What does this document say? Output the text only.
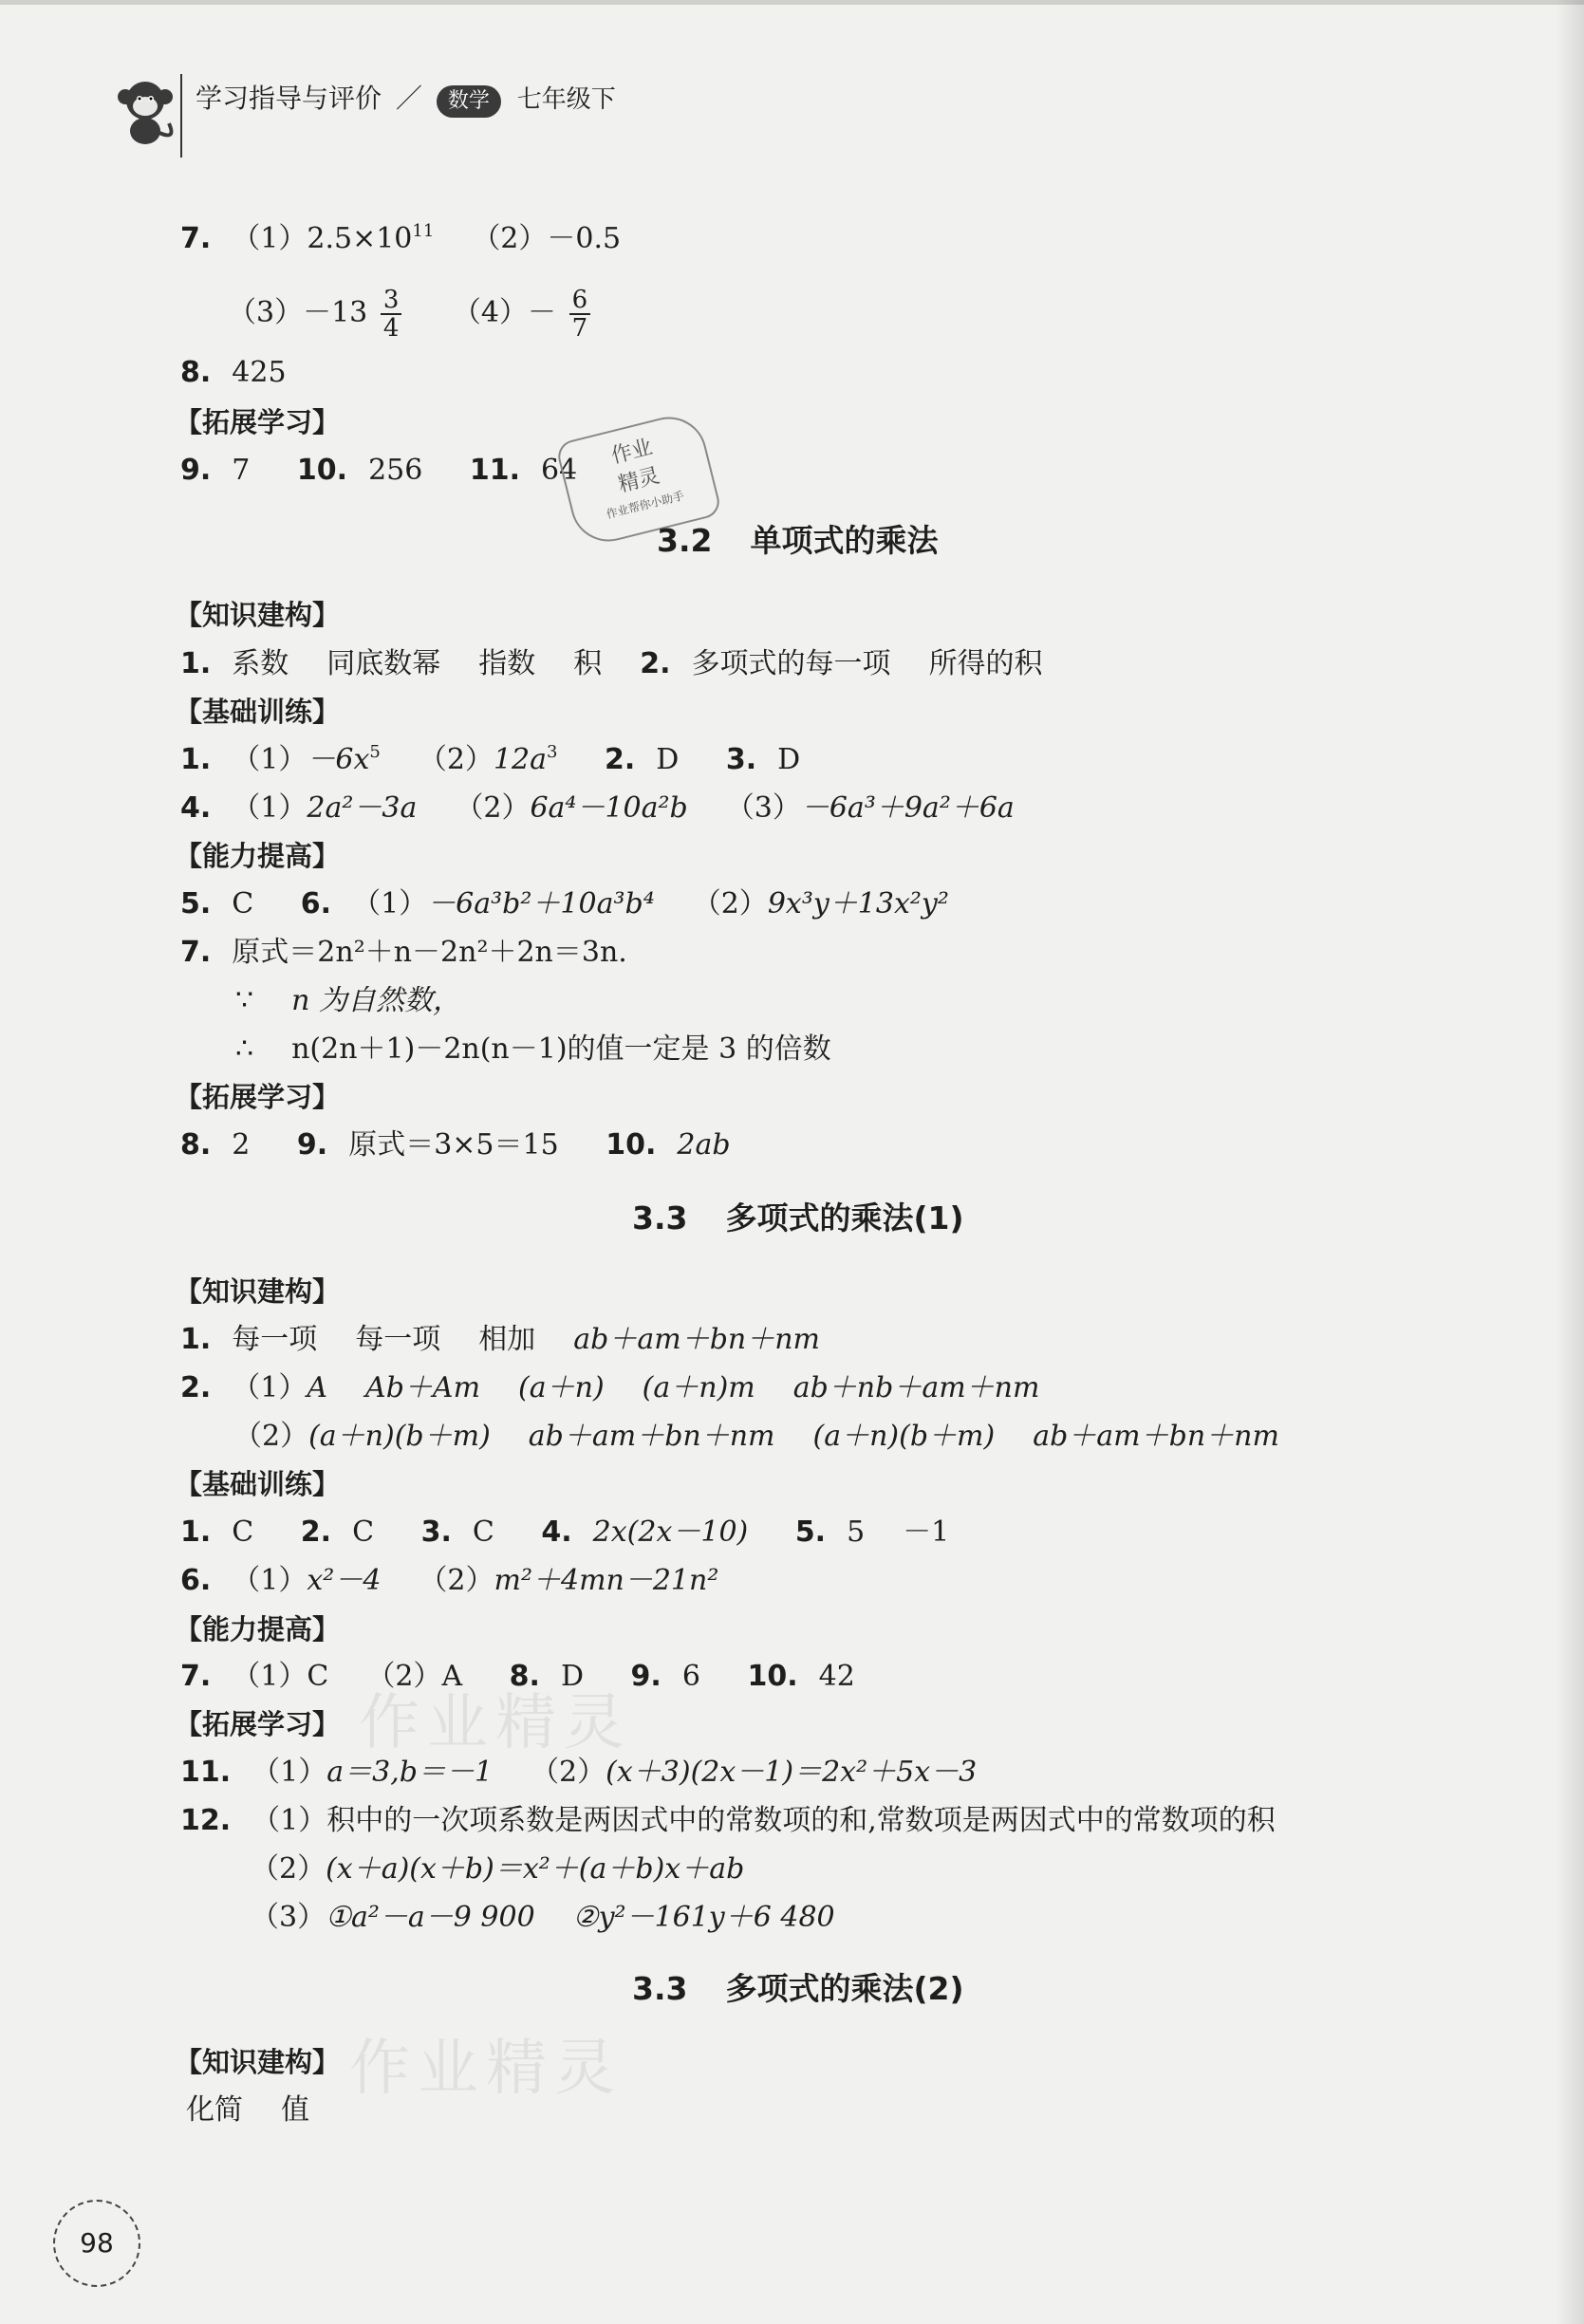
学习指导与评价 ／ 数学 七年级下
7. $(1)2.5\times 10^{11}$ （2）－0.5
$(3)-13 \frac{3}{4} (4)- \frac{6}{7}$
8. 425
【拓展学习】
9. 7 10. 256 11. 64
作业
精灵
作业帮你小助手
3.2 单项式的乘法
【知识建构】
1. 系数 同底数幂 指数 积 2. 多项式的每一项 所得的积
【基础训练】
1. $(1)-6x^5$ $(2)12a^3$ 2. D 3. D
4. （1）2a²－3a （2）6a⁴－10a²b （3）－6a³＋9a²＋6a
【能力提高】
5. C 6. （1）－6a³b²＋10a³b⁴ （2）9x³y＋13x²y²
7. 原式＝2n²＋n－2n²＋2n＝3n.
∵ n 为自然数，
∴ n(2n＋1)－2n(n－1)的值一定是 3 的倍数
【拓展学习】
8. 2 9. 原式＝3×5＝15 10. 2ab
3.3 多项式的乘法(1)
【知识建构】
1. 每一项 每一项 相加 ab＋am＋bn＋nm
2. （1）A Ab＋Am (a＋n) (a＋n)m ab＋nb＋am＋nm
（2）(a＋n)(b＋m) ab＋am＋bn＋nm (a＋n)(b＋m) ab＋am＋bn＋nm
【基础训练】
1. C 2. C 3. C 4. 2x(2x－10) 5. 5 －1
6. （1）x²－4 （2）m²＋4mn－21n²
【能力提高】
7. （1）C （2）A 8. D 9. 6 10. 42
【拓展学习】
11. （1）a＝3,b＝－1 （2）(x＋3)(2x－1)＝2x²＋5x－3
12. （1）积中的一次项系数是两因式中的常数项的和,常数项是两因式中的常数项的积
（2）(x＋a)(x＋b)＝x²＋(a＋b)x＋ab
（3）①a²－a－9 900 ②y²－161y＋6 480
3.3 多项式的乘法(2)
【知识建构】
化简 值
作业精灵
作业精灵
98
